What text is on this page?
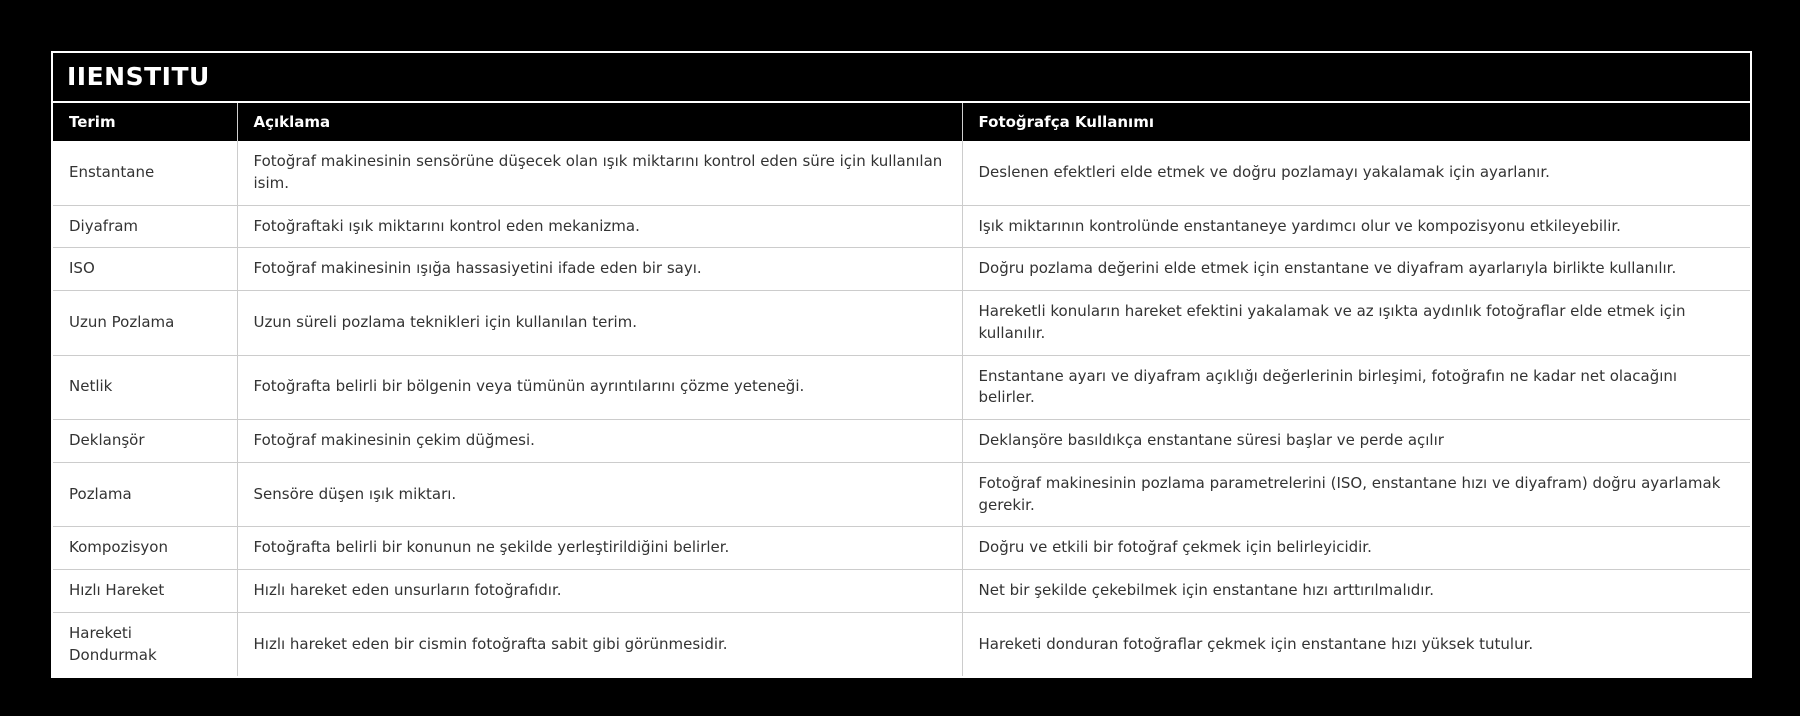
IIENSTITU
Terim	Açıklama	Fotoğrafça Kullanımı
Enstantane	Fotoğraf makinesinin sensörüne düşecek olan ışık miktarını kontrol eden süre için kullanılan isim.	Deslenen efektleri elde etmek ve doğru pozlamayı yakalamak için ayarlanır.
Diyafram	Fotoğraftaki ışık miktarını kontrol eden mekanizma.	Işık miktarının kontrolünde enstantaneye yardımcı olur ve kompozisyonu etkileyebilir.
ISO	Fotoğraf makinesinin ışığa hassasiyetini ifade eden bir sayı.	Doğru pozlama değerini elde etmek için enstantane ve diyafram ayarlarıyla birlikte kullanılır.
Uzun Pozlama	Uzun süreli pozlama teknikleri için kullanılan terim.	Hareketli konuların hareket efektini yakalamak ve az ışıkta aydınlık fotoğraflar elde etmek için kullanılır.
Netlik	Fotoğrafta belirli bir bölgenin veya tümünün ayrıntılarını çözme yeteneği.	Enstantane ayarı ve diyafram açıklığı değerlerinin birleşimi, fotoğrafın ne kadar net olacağını belirler.
Deklanşör	Fotoğraf makinesinin çekim düğmesi.	Deklanşöre basıldıkça enstantane süresi başlar ve perde açılır
Pozlama	Sensöre düşen ışık miktarı.	Fotoğraf makinesinin pozlama parametrelerini (ISO, enstantane hızı ve diyafram) doğru ayarlamak gerekir.
Kompozisyon	Fotoğrafta belirli bir konunun ne şekilde yerleştirildiğini belirler.	Doğru ve etkili bir fotoğraf çekmek için belirleyicidir.
Hızlı Hareket	Hızlı hareket eden unsurların fotoğrafıdır.	Net bir şekilde çekebilmek için enstantane hızı arttırılmalıdır.
Hareketi Dondurmak	Hızlı hareket eden bir cismin fotoğrafta sabit gibi görünmesidir.	Hareketi donduran fotoğraflar çekmek için enstantane hızı yüksek tutulur.
